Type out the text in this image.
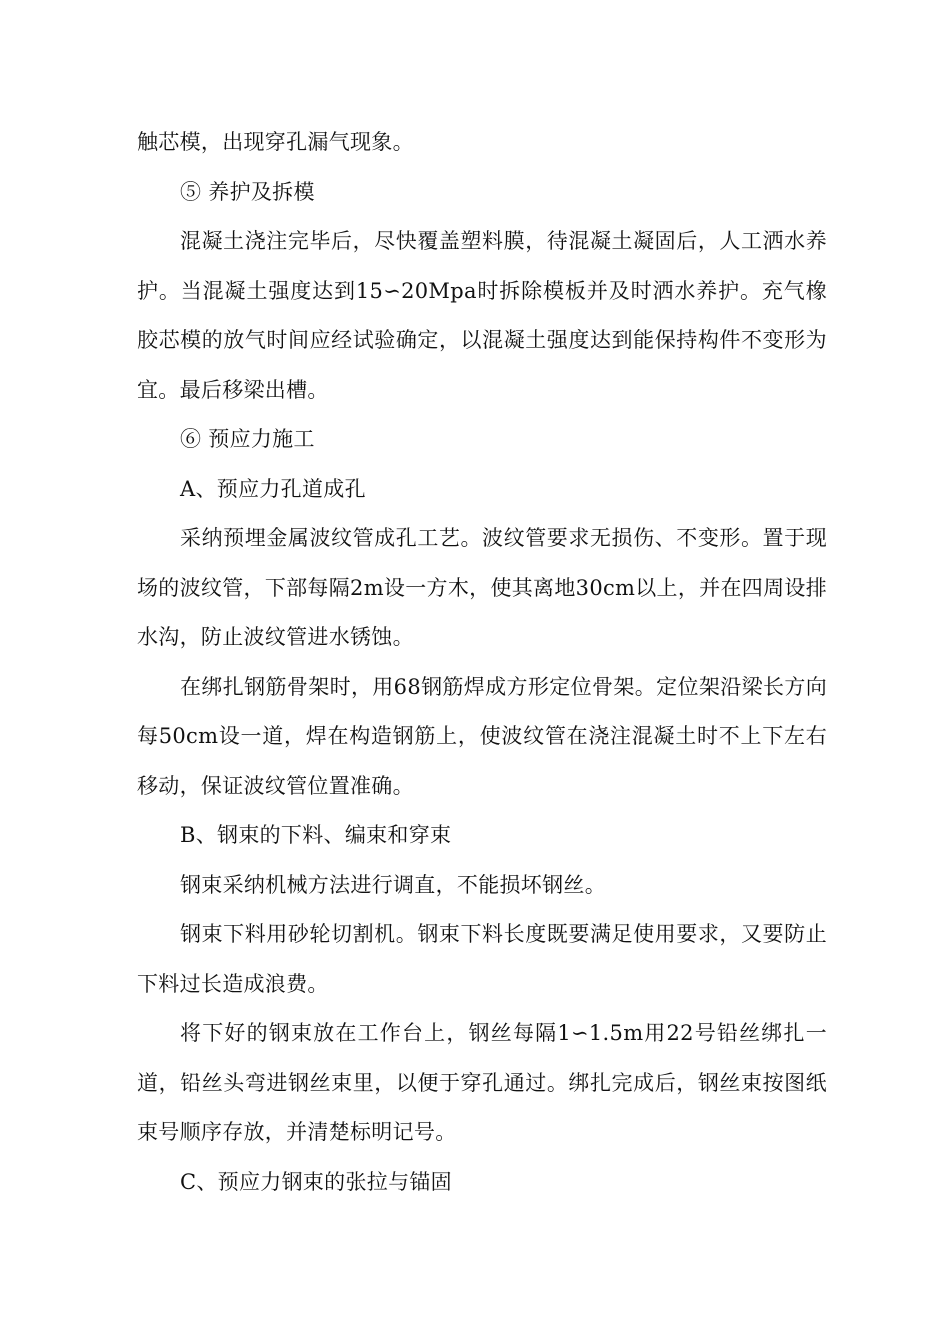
触芯模，出现穿孔漏气现象。

⑤ 养护及拆模

混凝土浇注完毕后，尽快覆盖塑料膜，待混凝土凝固后，人工洒水养护。当混凝土强度达到15∽20Mpa时拆除模板并及时洒水养护。充气橡胶芯模的放气时间应经试验确定，以混凝土强度达到能保持构件不变形为宜。最后移梁出槽。

⑥ 预应力施工

A、预应力孔道成孔

采纳预埋金属波纹管成孔工艺。波纹管要求无损伤、不变形。置于现场的波纹管，下部每隔2m设一方木，使其离地30cm以上，并在四周设排水沟，防止波纹管进水锈蚀。

在绑扎钢筋骨架时，用68钢筋焊成方形定位骨架。定位架沿梁长方向每50cm设一道，焊在构造钢筋上，使波纹管在浇注混凝土时不上下左右移动，保证波纹管位置准确。

B、钢束的下料、编束和穿束

钢束采纳机械方法进行调直，不能损坏钢丝。

钢束下料用砂轮切割机。钢束下料长度既要满足使用要求，又要防止下料过长造成浪费。

将下好的钢束放在工作台上，钢丝每隔1∽1.5m用22号铅丝绑扎一道，铅丝头弯进钢丝束里，以便于穿孔通过。绑扎完成后，钢丝束按图纸束号顺序存放，并清楚标明记号。

C、预应力钢束的张拉与锚固
